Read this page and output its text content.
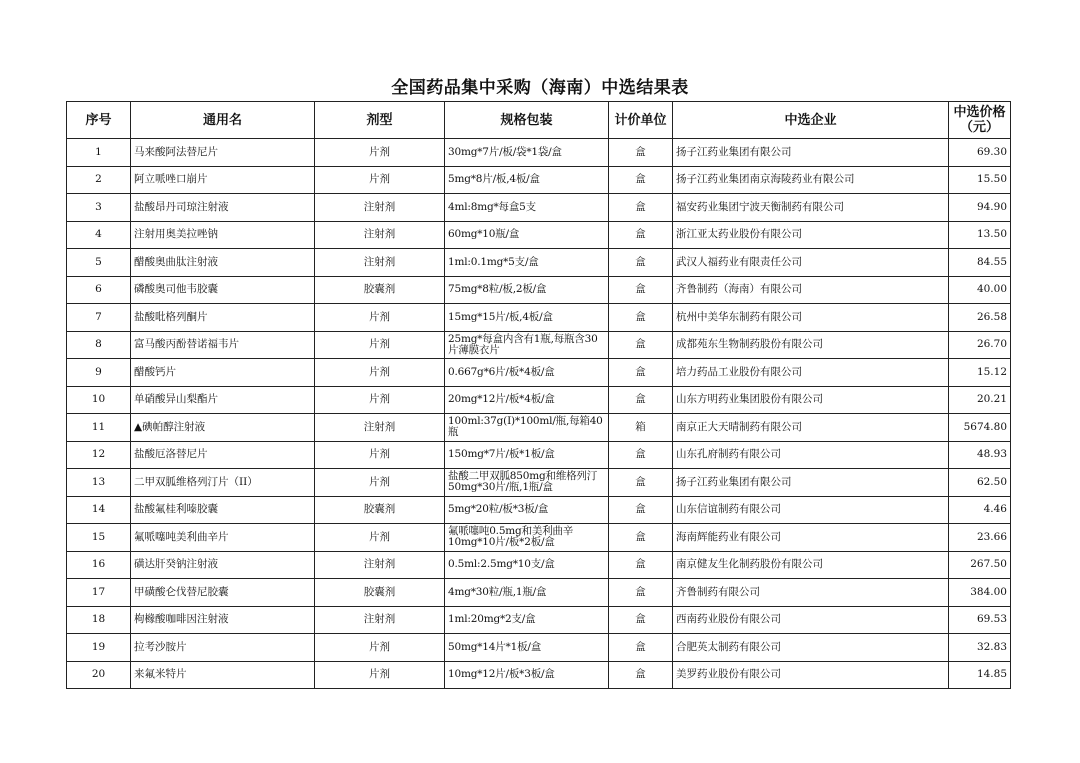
全国药品集中采购（海南）中选结果表
序号	通用名	剂型	规格包装	计价单位	中选企业	中选价格（元）
1	马来酸阿法替尼片	片剂	30mg*7片/板/袋*1袋/盒	盒	扬子江药业集团有限公司	69.30
2	阿立哌唑口崩片	片剂	5mg*8片/板,4板/盒	盒	扬子江药业集团南京海陵药业有限公司	15.50
3	盐酸昂丹司琼注射液	注射剂	4ml:8mg*每盒5支	盒	福安药业集团宁波天衡制药有限公司	94.90
4	注射用奥美拉唑钠	注射剂	60mg*10瓶/盒	盒	浙江亚太药业股份有限公司	13.50
5	醋酸奥曲肽注射液	注射剂	1ml:0.1mg*5支/盒	盒	武汉人福药业有限责任公司	84.55
6	磷酸奥司他韦胶囊	胶囊剂	75mg*8粒/板,2板/盒	盒	齐鲁制药（海南）有限公司	40.00
7	盐酸吡格列酮片	片剂	15mg*15片/板,4板/盒	盒	杭州中美华东制药有限公司	26.58
8	富马酸丙酚替诺福韦片	片剂	25mg*每盒内含有1瓶,每瓶含30片薄膜衣片	盒	成都苑东生物制药股份有限公司	26.70
9	醋酸钙片	片剂	0.667g*6片/板*4板/盒	盒	培力药品工业股份有限公司	15.12
10	单硝酸异山梨酯片	片剂	20mg*12片/板*4板/盒	盒	山东方明药业集团股份有限公司	20.21
11	▲碘帕醇注射液	注射剂	100ml:37g(I)*100ml/瓶,每箱40瓶	箱	南京正大天晴制药有限公司	5674.80
12	盐酸厄洛替尼片	片剂	150mg*7片/板*1板/盒	盒	山东孔府制药有限公司	48.93
13	二甲双胍维格列汀片（II）	片剂	盐酸二甲双胍850mg和维格列汀50mg*30片/瓶,1瓶/盒	盒	扬子江药业集团有限公司	62.50
14	盐酸氟桂利嗪胶囊	胶囊剂	5mg*20粒/板*3板/盒	盒	山东信谊制药有限公司	4.46
15	氟哌噻吨美利曲辛片	片剂	氟哌噻吨0.5mg和美利曲辛10mg*10片/板*2板/盒	盒	海南辉能药业有限公司	23.66
16	磺达肝癸钠注射液	注射剂	0.5ml:2.5mg*10支/盒	盒	南京健友生化制药股份有限公司	267.50
17	甲磺酸仑伐替尼胶囊	胶囊剂	4mg*30粒/瓶,1瓶/盒	盒	齐鲁制药有限公司	384.00
18	枸橼酸咖啡因注射液	注射剂	1ml:20mg*2支/盒	盒	西南药业股份有限公司	69.53
19	拉考沙胺片	片剂	50mg*14片*1板/盒	盒	合肥英太制药有限公司	32.83
20	来氟米特片	片剂	10mg*12片/板*3板/盒	盒	美罗药业股份有限公司	14.85
